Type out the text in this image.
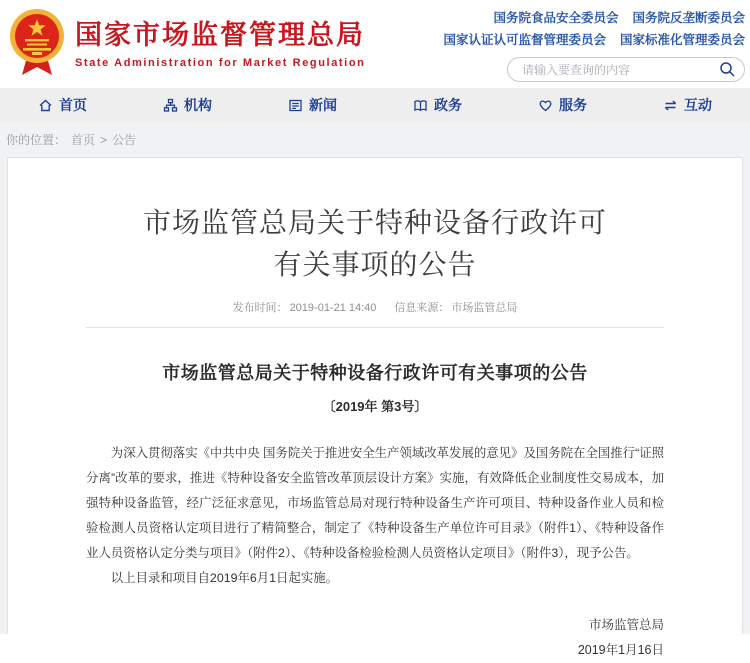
国家市场监督管理总局
State Administration for Market Regulation
国务院食品安全委员会 国务院反垄断委员会
国家认证认可监督管理委员会 国家标准化管理委员会
请输入要查询的内容
首页	机构	新闻	政务	服务	互动
你的位置： 首页 > 公告
市场监管总局关于特种设备行政许可有关事项的公告
发布时间： 2019-01-21 14:40 信息来源： 市场监管总局
市场监管总局关于特种设备行政许可有关事项的公告
〔2019年 第3号〕

为深入贯彻落实《中共中央 国务院关于推进安全生产领域改革发展的意见》及国务院在全国推行“证照分离”改革的要求，推进《特种设备安全监管改革顶层设计方案》实施，有效降低企业制度性交易成本，加强特种设备监管，经广泛征求意见，市场监管总局对现行特种设备生产许可项目、特种设备作业人员和检验检测人员资格认定项目进行了精简整合，制定了《特种设备生产单位许可目录》（附件1）、《特种设备作业人员资格认定分类与项目》（附件2）、《特种设备检验检测人员资格认定项目》（附件3），现予公告。

以上目录和项目自2019年6月1日起实施。

市场监管总局
2019年1月16日
